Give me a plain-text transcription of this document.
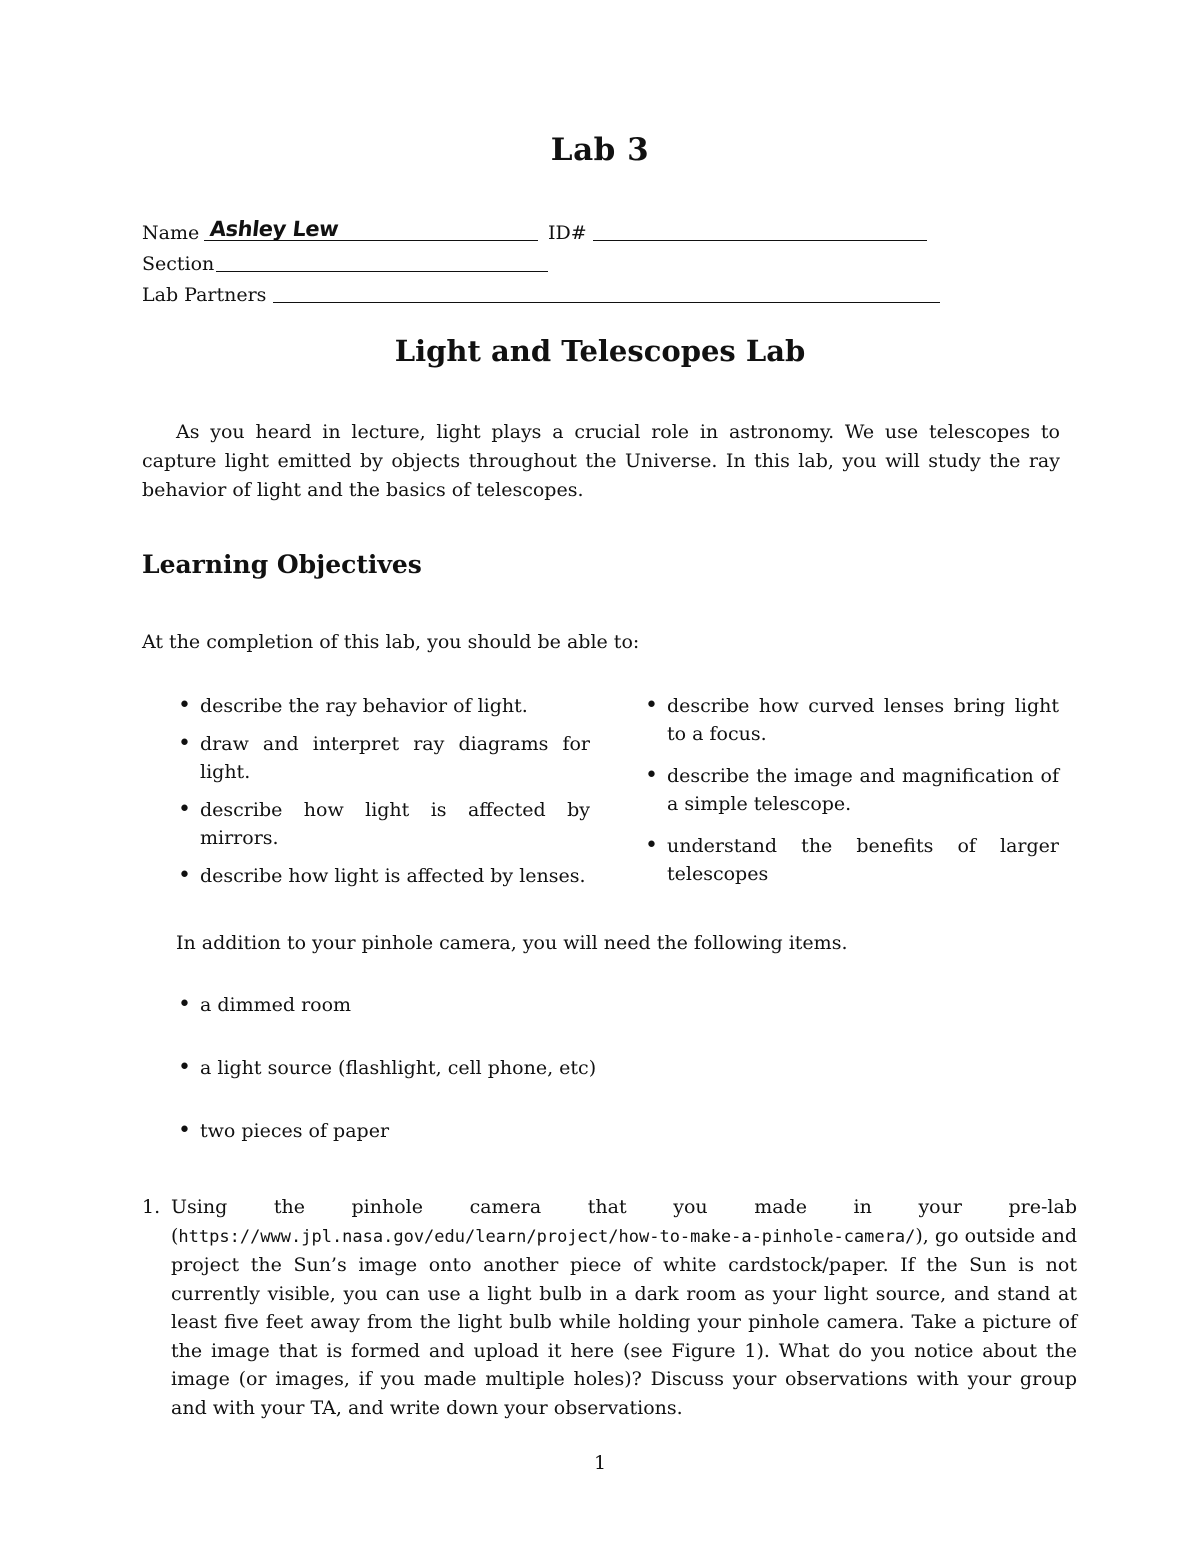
Lab 3
Name Ashley Lew	ID#
Section
Lab Partners
Light and Telescopes Lab
As you heard in lecture, light plays a crucial role in astronomy. We use telescopes to capture light emitted by objects throughout the Universe. In this lab, you will study the ray behavior of light and the basics of telescopes.
Learning Objectives
At the completion of this lab, you should be able to:
• describe the ray behavior of light.
• draw and interpret ray diagrams for light.
• describe how light is affected by mirrors.
• describe how light is affected by lenses.
• describe how curved lenses bring light to a focus.
• describe the image and magnification of a simple telescope.
• understand the benefits of larger telescopes
In addition to your pinhole camera, you will need the following items.
• a dimmed room
• a light source (flashlight, cell phone, etc)
• two pieces of paper
1. Using the pinhole camera that you made in your pre-lab (https://www.jpl.nasa.gov/edu/learn/project/how-to-make-a-pinhole-camera/), go outside and project the Sun’s image onto another piece of white cardstock/paper. If the Sun is not currently visible, you can use a light bulb in a dark room as your light source, and stand at least five feet away from the light bulb while holding your pinhole camera. Take a picture of the image that is formed and upload it here (see Figure 1). What do you notice about the image (or images, if you made multiple holes)? Discuss your observations with your group and with your TA, and write down your observations.
1
